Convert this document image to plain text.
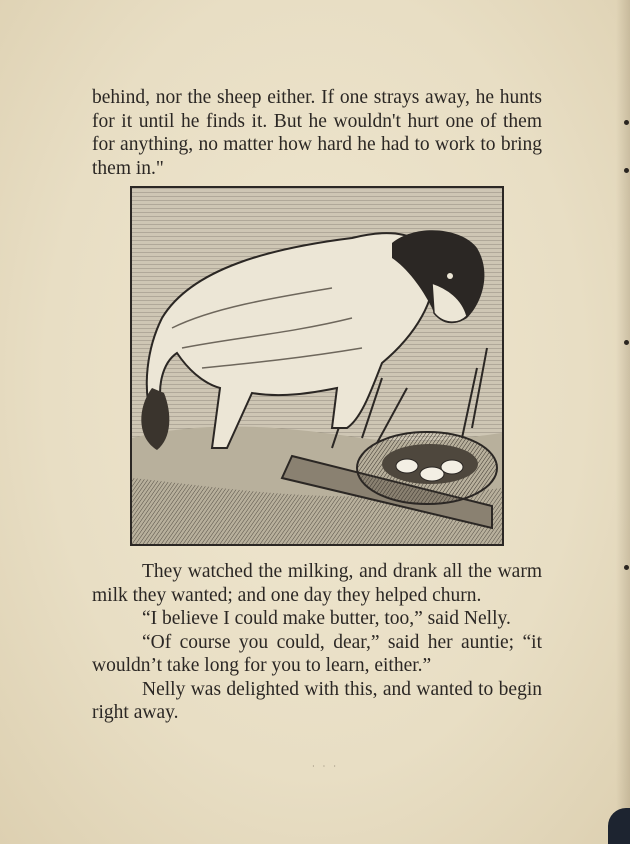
behind, nor the sheep either. If one strays away, he hunts for it until he finds it. But he wouldn't hurt one of them for anything, no matter how hard he had to work to bring them in."

They watched the milking, and drank all the warm milk they wanted; and one day they helped churn.

“I believe I could make butter, too,” said Nelly.

“Of course you could, dear,” said her auntie; “it wouldn’t take long for you to learn, either.”

Nelly was delighted with this, and wanted to begin right away.

· · ·
